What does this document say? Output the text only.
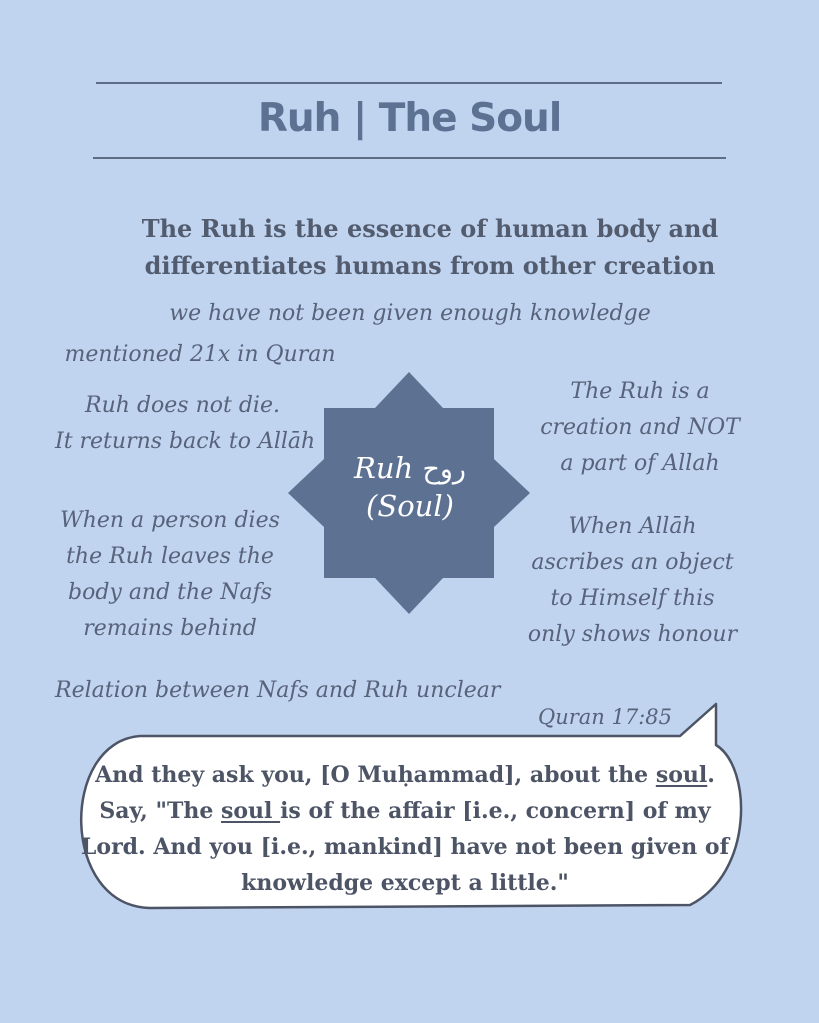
Ruh | The Soul
The Ruh is the essence of human body and differentiates humans from other creation
we have not been given enough knowledge
mentioned 21x in Quran
Ruh does not die.
It returns back to Allāh
The Ruh is a
creation and NOT
a part of Allah
When a person dies
the Ruh leaves the
body and the Nafs
remains behind
When Allāh
ascribes an object
to Himself this
only shows honour
Relation between Nafs and Ruh unclear
Ruh روح
(Soul)
Quran 17:85
And they ask you, [O Muḥammad], about the soul. Say, "The soul is of the affair [i.e., concern] of my Lord. And you [i.e., mankind] have not been given of knowledge except a little."
